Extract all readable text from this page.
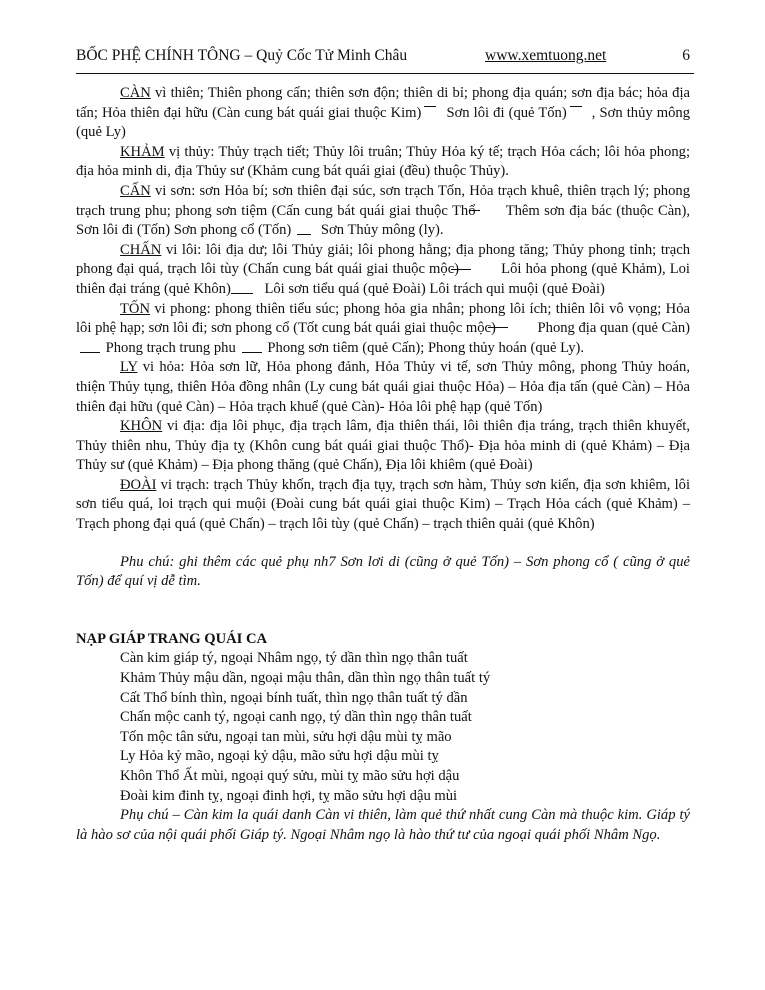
BỐC PHỆ CHÍNH TÔNG – Quỷ Cốc Tử Minh Châu	www.xemtuong.net	6

CÀN vì thiên; Thiên phong cấn; thiên sơn độn; thiên di bỉ; phong địa quán; sơn địa bác; hỏa địa tấn; Hỏa thiên đại hữu (Càn cung bát quái giai thuộc Kim) Sơn lôi đi (quẻ Tốn) , Sơn thủy mông (quẻ Ly)

KHẢM vị thủy: Thủy trạch tiết; Thủy lôi truân; Thủy Hỏa ký tế; trạch Hỏa cách; lôi hỏa phong; địa hỏa minh di, địa Thủy sư (Khảm cung bát quái giai (đều) thuộc Thủy).

CẤN vi sơn: sơn Hỏa bí; sơn thiên đại súc, sơn trạch Tốn, Hỏa trạch khuê, thiên trạch lý; phong trạch trung phu; phong sơn tiệm (Cấn cung bát quái giai thuộc Thổ Thêm sơn địa bác (thuộc Càn), Sơn lôi đi (Tốn) Sơn phong cổ (Tốn) Sơn Thủy mông (ly).

CHẤN vi lôi: lôi địa dư; lôi Thủy giải; lôi phong hằng; địa phong tăng; Thủy phong tỉnh; trạch phong đại quá, trạch lôi tùy (Chấn cung bát quái giai thuộc mộc)	Lôi hỏa phong (quẻ Khảm), Loi thiên đại tráng (quẻ Khôn) Lôi sơn tiểu quá (quẻ Đoài) Lôi trách qui muội (quẻ Đoài)

TỐN vi phong: phong thiên tiểu súc; phong hỏa gia nhân; phong lôi ích; thiên lôi vô vọng; Hỏa lôi phệ hạp; sơn lôi đi; sơn phong cổ (Tốt cung bát quái giai thuộc mộc)	Phong địa quan (quẻ Càn) Phong trạch trung phu Phong sơn tiêm (quẻ Cấn); Phong thủy hoán (quẻ Ly).

LY vi hỏa: Hỏa sơn lữ, Hỏa phong đảnh, Hỏa Thủy vi tế, sơn Thủy mông, phong Thủy hoán, thiện Thủy tụng, thiên Hỏa đồng nhân (Ly cung bát quái giai thuộc Hỏa) – Hỏa địa tấn (quẻ Càn) – Hỏa thiên đại hữu (quẻ Càn) – Hỏa trạch khuể (quẻ Càn)- Hỏa lôi phệ hạp (quẻ Tốn)

KHÔN vi địa: địa lôi phục, địa trạch lâm, địa thiên thái, lôi thiên địa tráng, trạch thiên khuyết, Thủy thiên nhu, Thủy địa tỵ (Khôn cung bát quái giai thuộc Thổ)- Địa hỏa minh di (quẻ Khảm) – Địa Thủy sư (quẻ Khảm) – Địa phong thăng (quẻ Chấn), Địa lôi khiêm (quẻ Đoài)

ĐOÀI vi trạch: trạch Thủy khốn, trạch địa tụy, trạch sơn hàm, Thủy sơn kiển, địa sơn khiêm, lôi sơn tiểu quá, loi trạch qui muội (Đoài cung bát quái giai thuộc Kim) – Trạch Hỏa cách (quẻ Khảm) – Trạch phong đại quá (quẻ Chấn) – trạch lôi tùy (quẻ Chấn) – trạch thiên quải (quẻ Khôn)

Phu chú: ghi thêm các quẻ phụ nh7 Sơn lơi di (cũng ở quẻ Tốn) – Sơn phong cổ ( cũng ở quẻ Tốn) để quí vị dễ tìm.

NẠP GIÁP TRANG QUÁI CA

Càn kim giáp tý, ngoại Nhâm ngọ, tý dần thìn ngọ thân tuất

Khảm Thủy mậu dần, ngoại mậu thân, dần thìn ngọ thân tuất tý

Cất Thổ bính thìn, ngoại bính tuất, thìn ngọ thân tuất tý dần

Chấn mộc canh tý, ngoại canh ngọ, tý dần thìn ngọ thân tuất

Tốn mộc tân sửu, ngoại tan mùi, sửu hợi dậu mùi tỵ mão

Ly Hỏa kỷ mão, ngoại kỷ dậu, mão sửu hợi dậu mùi tỵ

Khôn Thổ Ất mùi, ngoại quý sửu, mùi tỵ mão sửu hợi dậu

Đoài kim đinh tỵ, ngoại đinh hợi, tỵ mão sửu hợi dậu mùi

Phụ chú – Càn kim la quái danh Càn vi thiên, làm quẻ thứ nhất cung Càn mà thuộc kim. Giáp tý là hào sơ của nội quái phối Giáp tý. Ngoại Nhâm ngọ là hào thứ tư của ngoại quái phối Nhâm Ngọ.
